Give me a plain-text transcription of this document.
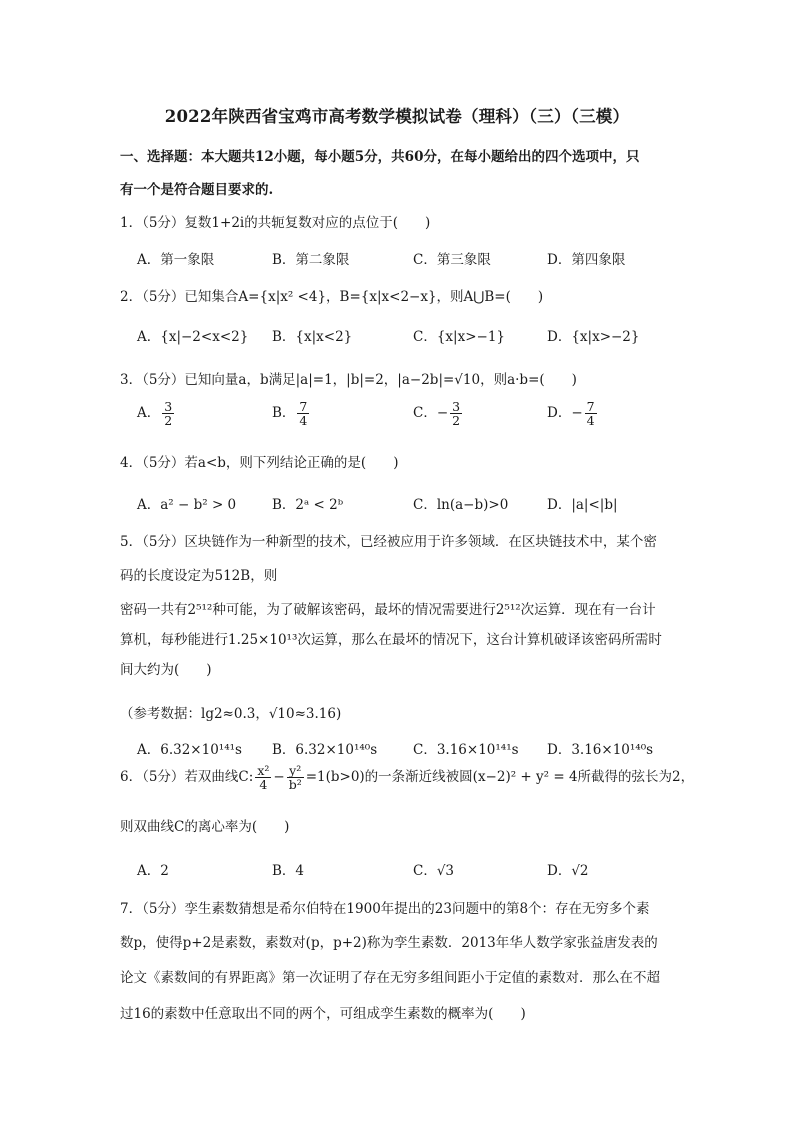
2022年陕西省宝鸡市高考数学模拟试卷（理科）（三）（三模）
一、选择题：本大题共12小题，每小题5分，共60分，在每小题给出的四个选项中，只
有一个是符合题目要求的.
1．（5分）复数1+2i的共轭复数对应的点位于(　　)
A．第一象限	B．第二象限	C．第三象限	D．第四象限
2．（5分）已知集合A={x|x² <4}，B={x|x<2−x}，则A⋃B=(　　)
A．{x|−2<x<2} B．{x|x<2}	C．{x|x>−1}	D．{x|x>−2}
3．（5分）已知向量a，b满足|a|=1，|b|=2，|a−2b|=√10，则a·b=(　　)
A． $\frac{3}{2}$	B． $\frac{7}{4}$	C．− $\frac{3}{2}$	D．− $\frac{7}{4}$
4．（5分）若a<b，则下列结论正确的是(　　)
A．a² − b² > 0	B．2ᵃ < 2ᵇ	C．ln(a−b)>0	D．|a|<|b|
5．（5分）区块链作为一种新型的技术，已经被应用于许多领域．在区块链技术中，某个密
码的长度设定为512B，则
密码一共有2⁵¹²种可能，为了破解该密码，最坏的情况需要进行2⁵¹²次运算．现在有一台计
算机，每秒能进行1.25×10¹³次运算，那么在最坏的情况下，这台计算机破译该密码所需时
间大约为(　　)
（参考数据：lg2≈0.3，√10≈3.16)
A．6.32×10¹⁴¹s B．6.32×10¹⁴⁰s	C．3.16×10¹⁴¹s D．3.16×10¹⁴⁰s
6．（5分）若双曲线C: $\frac{\text{x²}}{4} - \frac{\text{y²}}{\text{b²}} =1(b>0)$的一条渐近线被圆(x−2)² + y² = 4所截得的弦长为2，
则双曲线C的离心率为(　　)
A．2	B．4	C．√3	D．√2
7．（5分）孪生素数猜想是希尔伯特在1900年提出的23问题中的第8个：存在无穷多个素
数p，使得p+2是素数，素数对(p，p+2)称为孪生素数．2013年华人数学家张益唐发表的
论文《素数间的有界距离》第一次证明了存在无穷多组间距小于定值的素数对．那么在不超
过16的素数中任意取出不同的两个，可组成孪生素数的概率为(　　)
